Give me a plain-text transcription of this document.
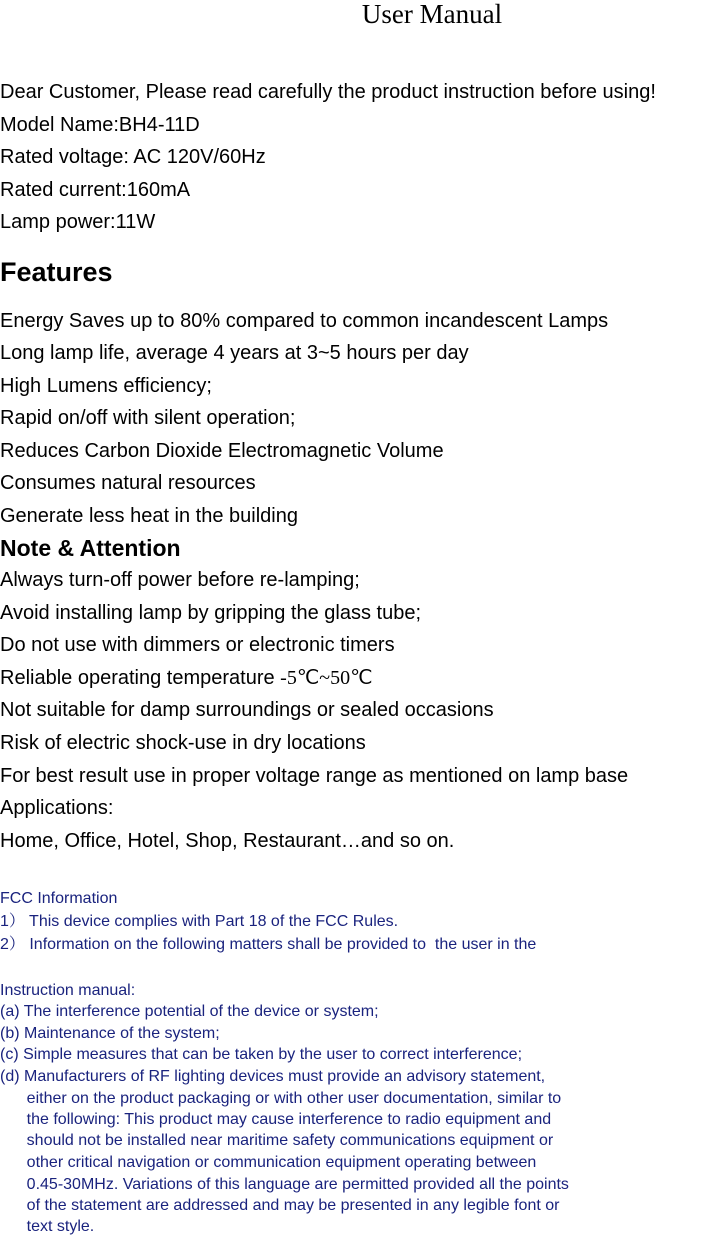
User Manual
Dear Customer, Please read carefully the product instruction before using!
Model Name:BH4-11D
Rated voltage: AC 120V/60Hz
Rated current:160mA
Lamp power:11W
Features
Energy Saves up to 80% compared to common incandescent Lamps
Long lamp life, average 4 years at 3~5 hours per day
High Lumens efficiency;
Rapid on/off with silent operation;
Reduces Carbon Dioxide Electromagnetic Volume
Consumes natural resources
Generate less heat in the building
Note & Attention
Always turn-off power before re-lamping;
Avoid installing lamp by gripping the glass tube;
Do not use with dimmers or electronic timers
Reliable operating temperature -5℃~50℃
Not suitable for damp surroundings or sealed occasions
Risk of electric shock-use in dry locations
For best result use in proper voltage range as mentioned on lamp base
Applications:
Home, Office, Hotel, Shop, Restaurant…and so on.
FCC Information
1） This device complies with Part 18 of the FCC Rules.
2） Information on the following matters shall be provided to  the user in the
Instruction manual:
(a) The interference potential of the device or system;
(b) Maintenance of the system;
(c) Simple measures that can be taken by the user to correct interference;
(d) Manufacturers of RF lighting devices must provide an advisory statement,
either on the product packaging or with other user documentation, similar to
the following: This product may cause interference to radio equipment and
should not be installed near maritime safety communications equipment or
other critical navigation or communication equipment operating between
0.45-30MHz. Variations of this language are permitted provided all the points
of the statement are addressed and may be presented in any legible font or
text style.
